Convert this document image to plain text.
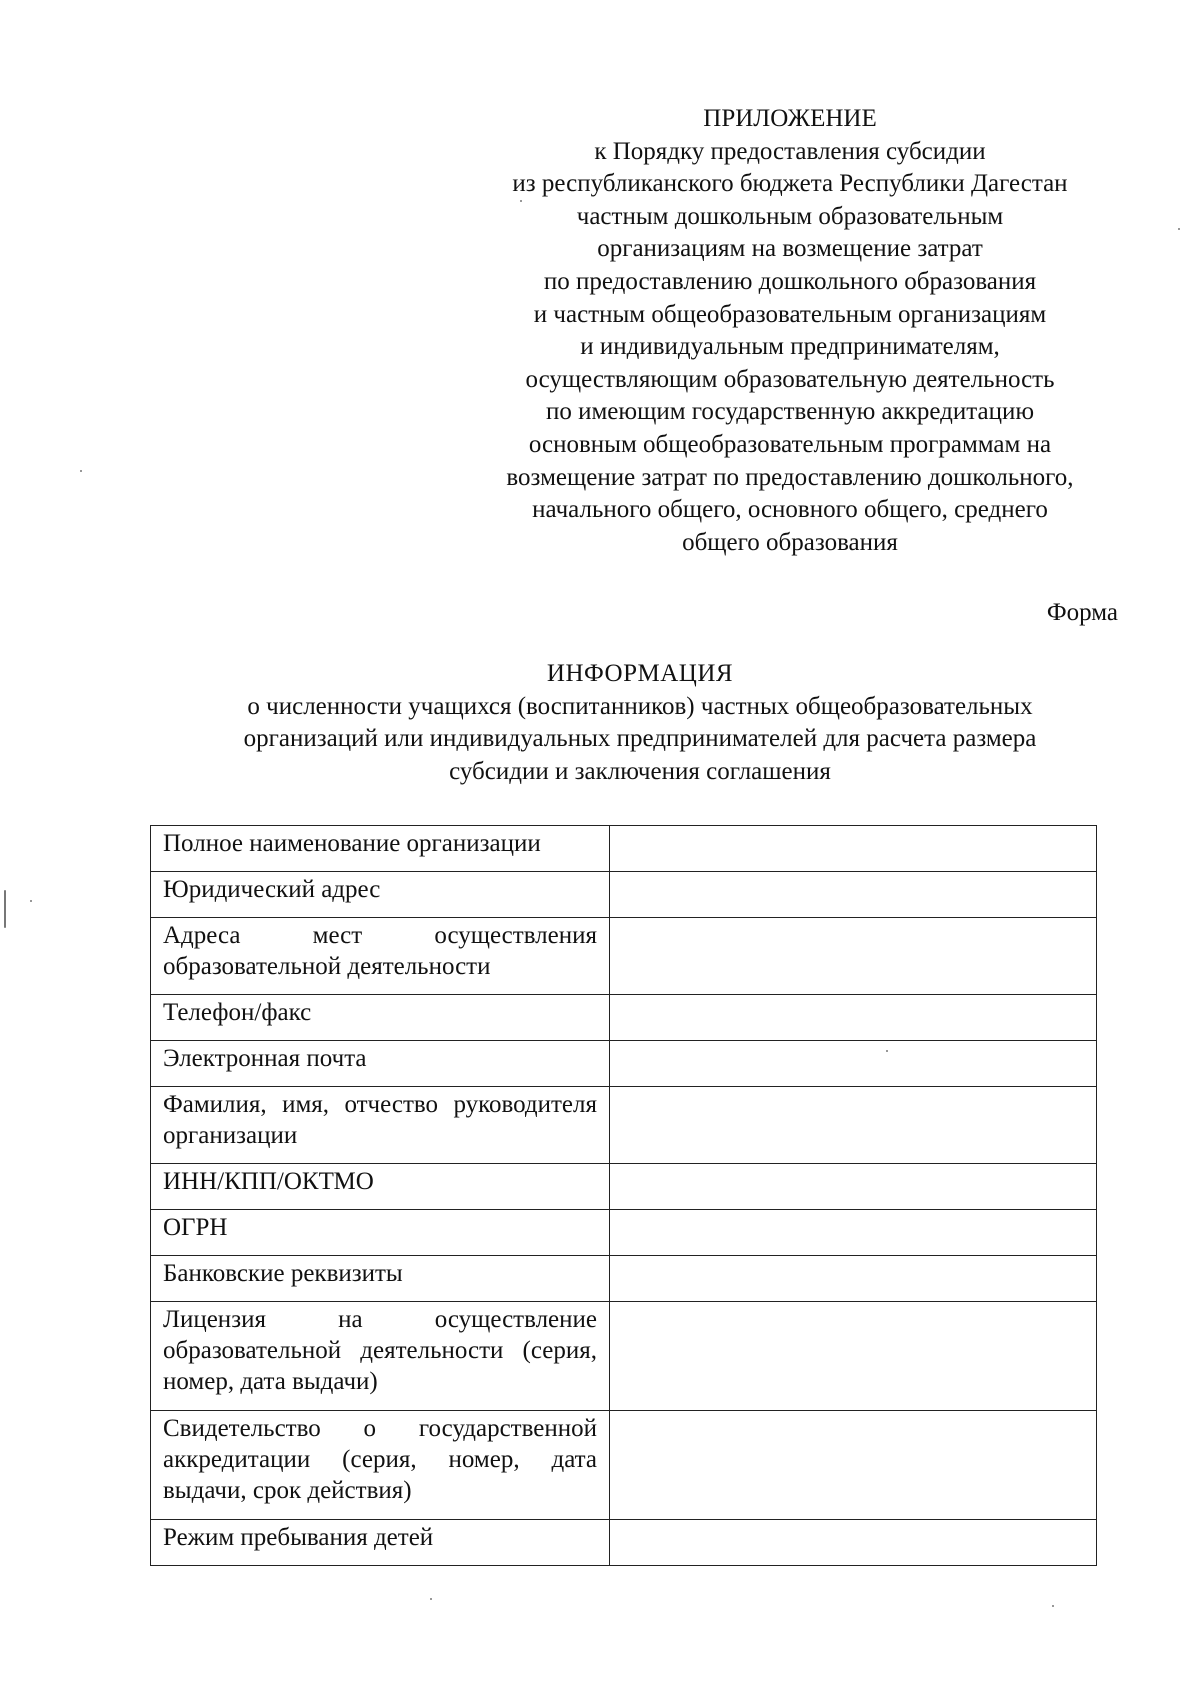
ПРИЛОЖЕНИЕ
к Порядку предоставления субсидии
из республиканского бюджета Республики Дагестан
частным дошкольным образовательным
организациям на возмещение затрат
по предоставлению дошкольного образования
и частным общеобразовательным организациям
и индивидуальным предпринимателям,
осуществляющим образовательную деятельность
по имеющим государственную аккредитацию
основным общеобразовательным программам на
возмещение затрат по предоставлению дошкольного,
начального общего, основного общего, среднего
общего образования
Форма
ИНФОРМАЦИЯ
о численности учащихся (воспитанников) частных общеобразовательных
организаций или индивидуальных предпринимателей для расчета размера
субсидии и заключения соглашения
Полное наименование организации	
Юридический адрес	
Адреса мест осуществления образовательной деятельности	
Телефон/факс	
Электронная почта	
Фамилия, имя, отчество руководителя организации	
ИНН/КПП/ОКТМО	
ОГРН	
Банковские реквизиты	
Лицензия на осуществление образовательной деятельности (серия, номер, дата выдачи)	
Свидетельство о государственной аккредитации (серия, номер, дата выдачи, срок действия)	
Режим пребывания детей	
